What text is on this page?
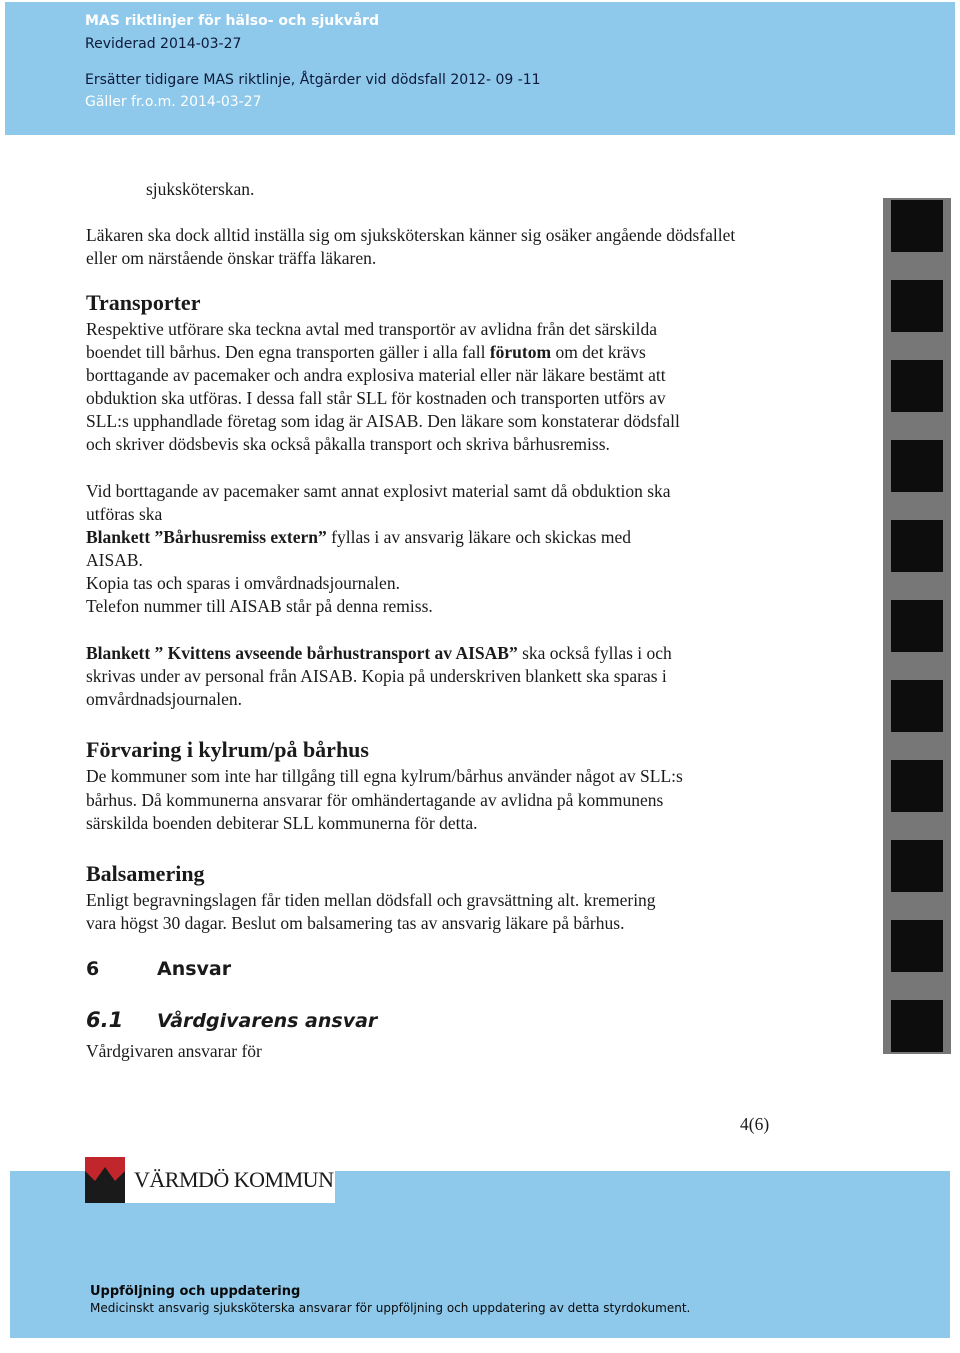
MAS riktlinjer för hälso- och sjukvård
Reviderad 2014-03-27
Ersätter tidigare MAS riktlinje, Åtgärder vid dödsfall 2012- 09 -11
Gäller fr.o.m. 2014-03-27
sjuksköterskan.
Läkaren ska dock alltid inställa sig om sjuksköterskan känner sig osäker angående dödsfallet
eller om närstående önskar träffa läkaren.
Transporter
Respektive utförare ska teckna avtal med transportör av avlidna från det särskilda
boendet till bårhus. Den egna transporten gäller i alla fall förutom om det krävs
borttagande av pacemaker och andra explosiva material eller när läkare bestämt att
obduktion ska utföras. I dessa fall står SLL för kostnaden och transporten utförs av
SLL:s upphandlade företag som idag är AISAB. Den läkare som konstaterar dödsfall
och skriver dödsbevis ska också påkalla transport och skriva bårhusremiss.
Vid borttagande av pacemaker samt annat explosivt material samt då obduktion ska
utföras ska
Blankett ”Bårhusremiss extern” fyllas i av ansvarig läkare och skickas med
AISAB.
Kopia tas och sparas i omvårdnadsjournalen.
Telefon nummer till AISAB står på denna remiss.
Blankett ” Kvittens avseende bårhustransport av AISAB” ska också fyllas i och
skrivas under av personal från AISAB. Kopia på underskriven blankett ska sparas i
omvårdnadsjournalen.
Förvaring i kylrum/på bårhus
De kommuner som inte har tillgång till egna kylrum/bårhus använder något av SLL:s
bårhus. Då kommunerna ansvarar för omhändertagande av avlidna på kommunens
särskilda boenden debiterar SLL kommunerna för detta.
Balsamering
Enligt begravningslagen får tiden mellan dödsfall och gravsättning alt. kremering
vara högst 30 dagar. Beslut om balsamering tas av ansvarig läkare på bårhus.
6	Ansvar
6.1 Vårdgivarens ansvar
Vårdgivaren ansvarar för
4(6)
VÄRMDÖ KOMMUN
Uppföljning och uppdatering
Medicinskt ansvarig sjuksköterska ansvarar för uppföljning och uppdatering av detta styrdokument.
